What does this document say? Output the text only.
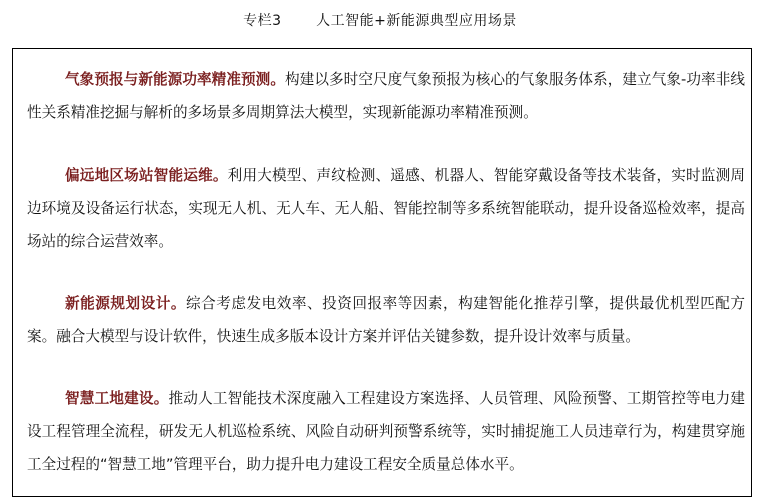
专栏3       人工智能+新能源典型应用场景

气象预报与新能源功率精准预测。构建以多时空尺度气象预报为核心的气象服务体系，建立气象-功率非线性关系精准挖掘与解析的多场景多周期算法大模型，实现新能源功率精准预测。

偏远地区场站智能运维。利用大模型、声纹检测、遥感、机器人、智能穿戴设备等技术装备，实时监测周边环境及设备运行状态，实现无人机、无人车、无人船、智能控制等多系统智能联动，提升设备巡检效率，提高场站的综合运营效率。

新能源规划设计。综合考虑发电效率、投资回报率等因素，构建智能化推荐引擎，提供最优机型匹配方案。融合大模型与设计软件，快速生成多版本设计方案并评估关键参数，提升设计效率与质量。

智慧工地建设。推动人工智能技术深度融入工程建设方案选择、人员管理、风险预警、工期管控等电力建设工程管理全流程，研发无人机巡检系统、风险自动研判预警系统等，实时捕捉施工人员违章行为，构建贯穿施工全过程的“智慧工地”管理平台，助力提升电力建设工程安全质量总体水平。
